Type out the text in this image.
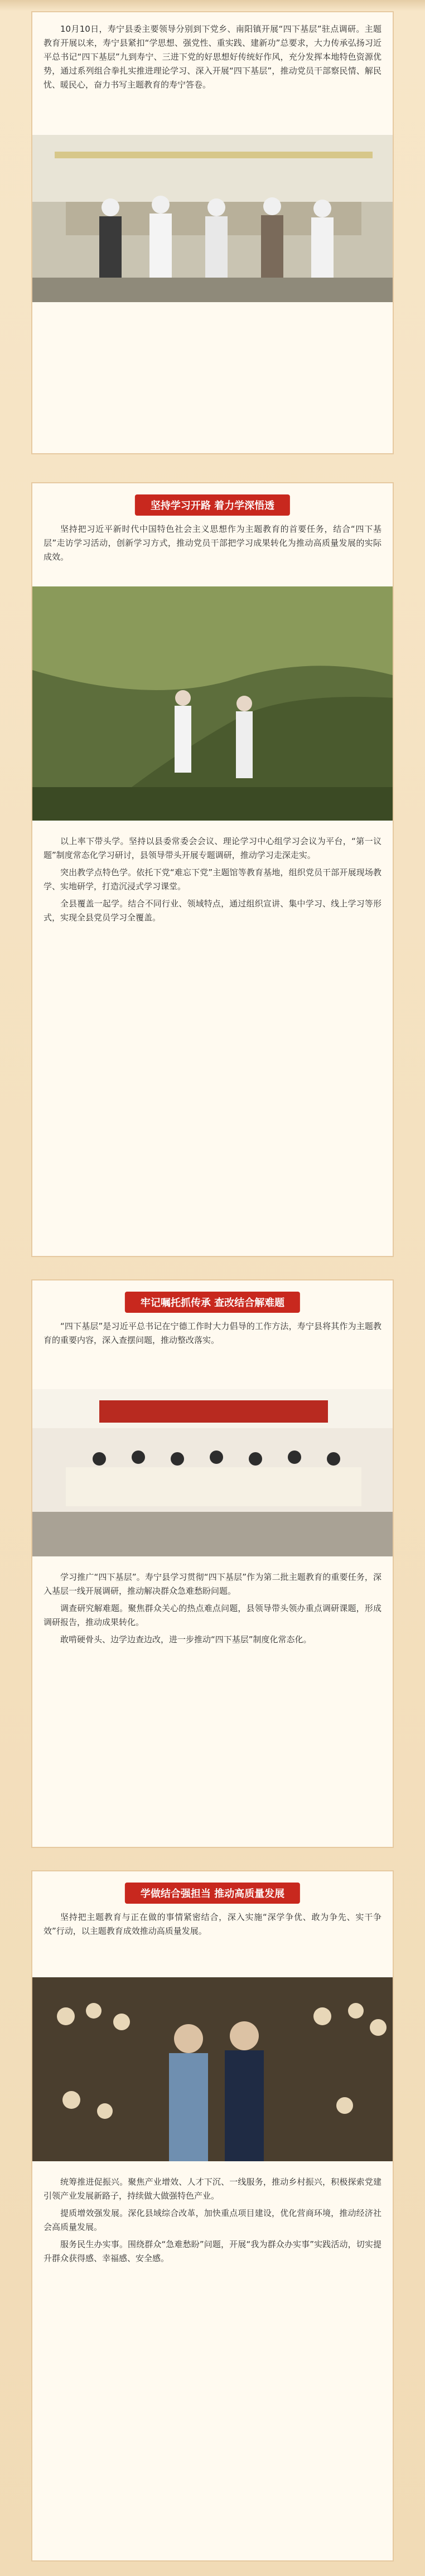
10月10日，寿宁县委主要领导分别到下党乡、南阳镇开展“四下基层”驻点调研。主题教育开展以来，寿宁县紧扣“学思想、强党性、重实践、建新功”总要求，大力传承弘扬习近平总书记“四下基层”九到寿宁、三进下党的好思想好传统好作风，充分发挥本地特色资源优势，通过系列组合拳扎实推进理论学习、深入开展“四下基层”，推动党员干部察民情、解民忧、暖民心，奋力书写主题教育的寿宁答卷。

坚持学习开路 着力学深悟透

坚持把习近平新时代中国特色社会主义思想作为主题教育的首要任务，结合“四下基层”走访学习活动，创新学习方式，推动党员干部把学习成果转化为推动高质量发展的实际成效。

以上率下带头学。坚持以县委常委会会议、理论学习中心组学习会议为平台，“第一议题”制度常态化学习研讨，县领导带头开展专题调研，推动学习走深走实。

突出教学点特色学。依托下党“难忘下党”主题馆等教育基地，组织党员干部开展现场教学、实地研学，打造沉浸式学习课堂。

全县覆盖一起学。结合不同行业、领域特点，通过组织宣讲、集中学习、线上学习等形式，实现全县党员学习全覆盖。

牢记嘱托抓传承 查改结合解难题

“四下基层”是习近平总书记在宁德工作时大力倡导的工作方法，寿宁县将其作为主题教育的重要内容，深入查摆问题，推动整改落实。

学习推广“四下基层”。寿宁县学习贯彻“四下基层”作为第二批主题教育的重要任务，深入基层一线开展调研，推动解决群众急难愁盼问题。

调查研究解难题。聚焦群众关心的热点难点问题，县领导带头领办重点调研课题，形成调研报告，推动成果转化。

敢啃硬骨头、边学边查边改，进一步推动“四下基层”制度化常态化。

学做结合强担当 推动高质量发展

坚持把主题教育与正在做的事情紧密结合，深入实施“深学争优、敢为争先、实干争效”行动，以主题教育成效推动高质量发展。

统筹推进促振兴。聚焦产业增效、人才下沉、一线服务，推动乡村振兴，积极探索党建引领产业发展新路子，持续做大做强特色产业。

提质增效强发展。深化县域综合改革，加快重点项目建设，优化营商环境，推动经济社会高质量发展。

服务民生办实事。围绕群众“急难愁盼”问题，开展“我为群众办实事”实践活动，切实提升群众获得感、幸福感、安全感。
